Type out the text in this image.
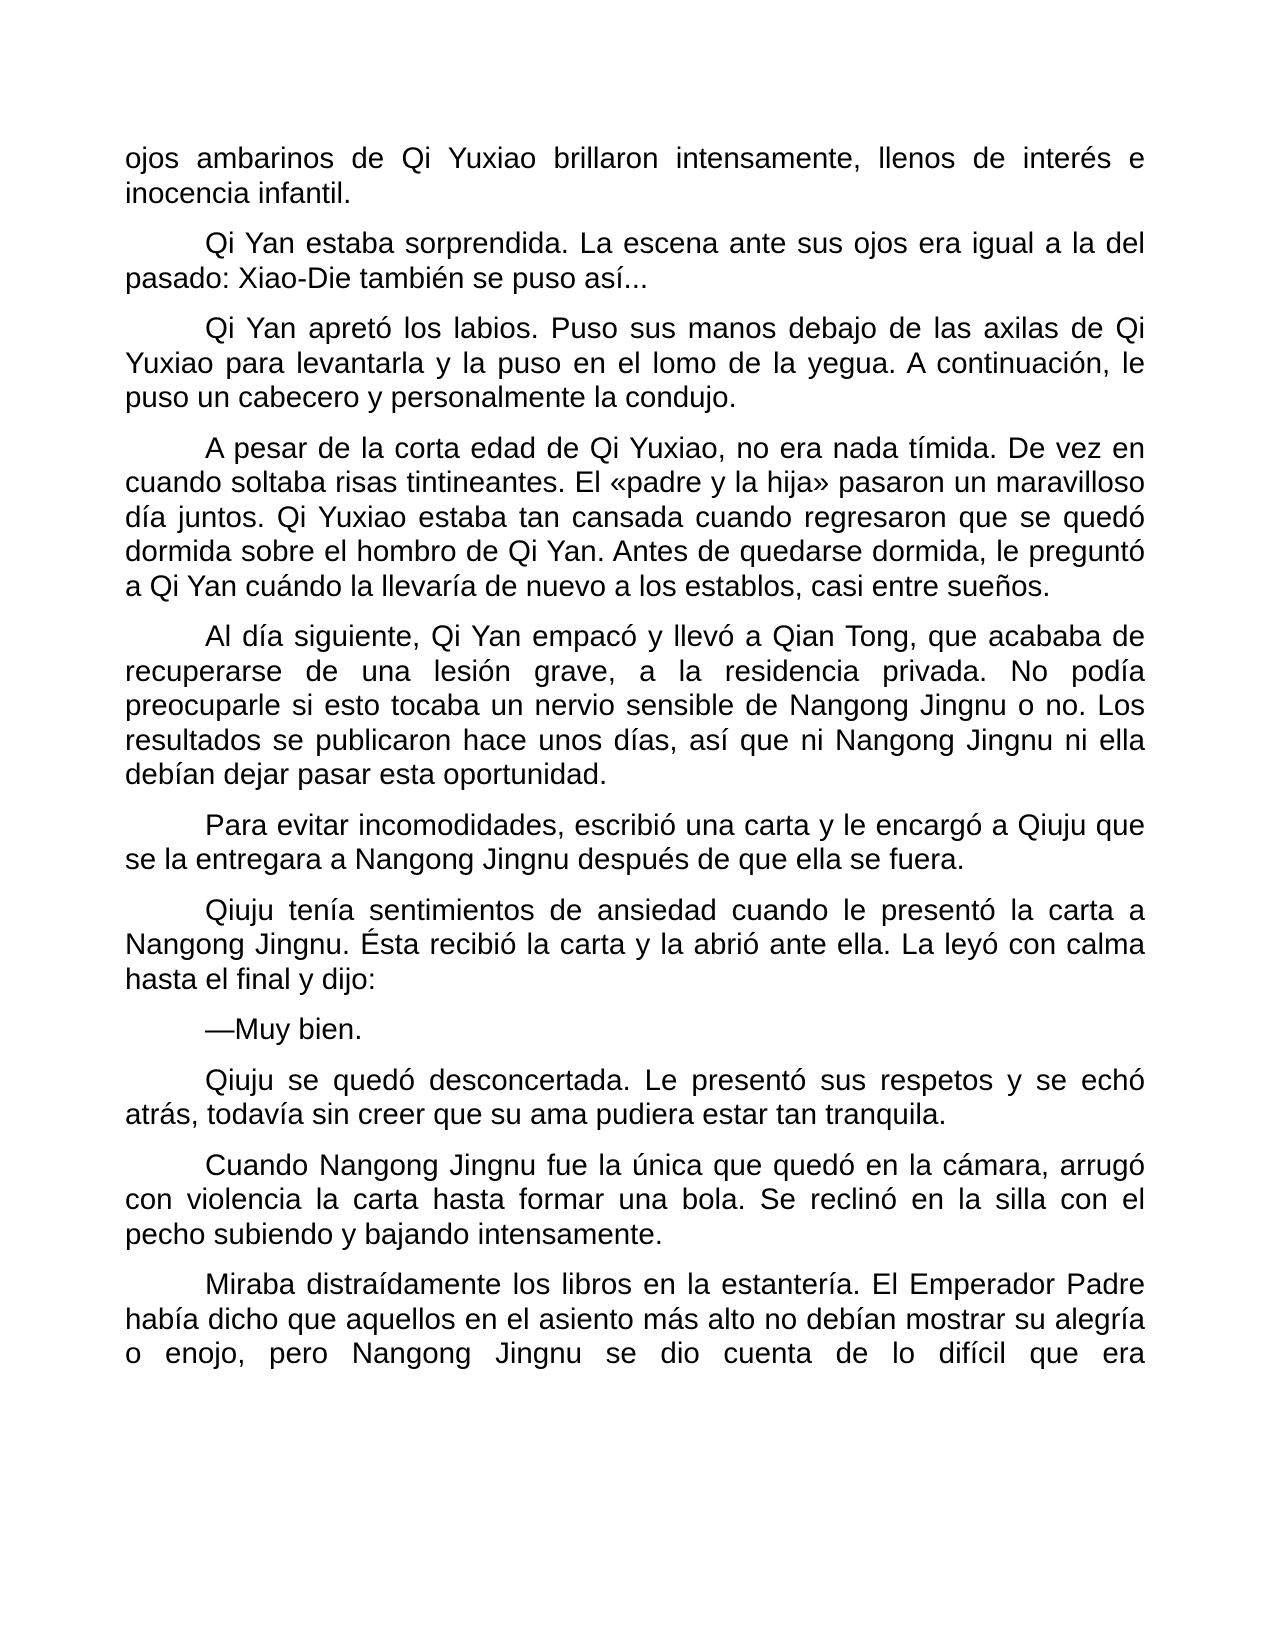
ojos ambarinos de Qi Yuxiao brillaron intensamente, llenos de interés e inocencia infantil.

Qi Yan estaba sorprendida. La escena ante sus ojos era igual a la del pasado: Xiao-Die también se puso así...

Qi Yan apretó los labios. Puso sus manos debajo de las axilas de Qi Yuxiao para levantarla y la puso en el lomo de la yegua. A continuación, le puso un cabecero y personalmente la condujo.

A pesar de la corta edad de Qi Yuxiao, no era nada tímida. De vez en cuando soltaba risas tintineantes. El «padre y la hija» pasaron un maravilloso día juntos. Qi Yuxiao estaba tan cansada cuando regresaron que se quedó dormida sobre el hombro de Qi Yan. Antes de quedarse dormida, le preguntó a Qi Yan cuándo la llevaría de nuevo a los establos, casi entre sueños.

Al día siguiente, Qi Yan empacó y llevó a Qian Tong, que acababa de recuperarse de una lesión grave, a la residencia privada. No podía preocuparle si esto tocaba un nervio sensible de Nangong Jingnu o no. Los resultados se publicaron hace unos días, así que ni Nangong Jingnu ni ella debían dejar pasar esta oportunidad.

Para evitar incomodidades, escribió una carta y le encargó a Qiuju que se la entregara a Nangong Jingnu después de que ella se fuera.

Qiuju tenía sentimientos de ansiedad cuando le presentó la carta a Nangong Jingnu. Ésta recibió la carta y la abrió ante ella. La leyó con calma hasta el final y dijo:

—Muy bien.

Qiuju se quedó desconcertada. Le presentó sus respetos y se echó atrás, todavía sin creer que su ama pudiera estar tan tranquila.

Cuando Nangong Jingnu fue la única que quedó en la cámara, arrugó con violencia la carta hasta formar una bola. Se reclinó en la silla con el pecho subiendo y bajando intensamente.

Miraba distraídamente los libros en la estantería. El Emperador Padre había dicho que aquellos en el asiento más alto no debían mostrar su alegría o enojo, pero Nangong Jingnu se dio cuenta de lo difícil que era
